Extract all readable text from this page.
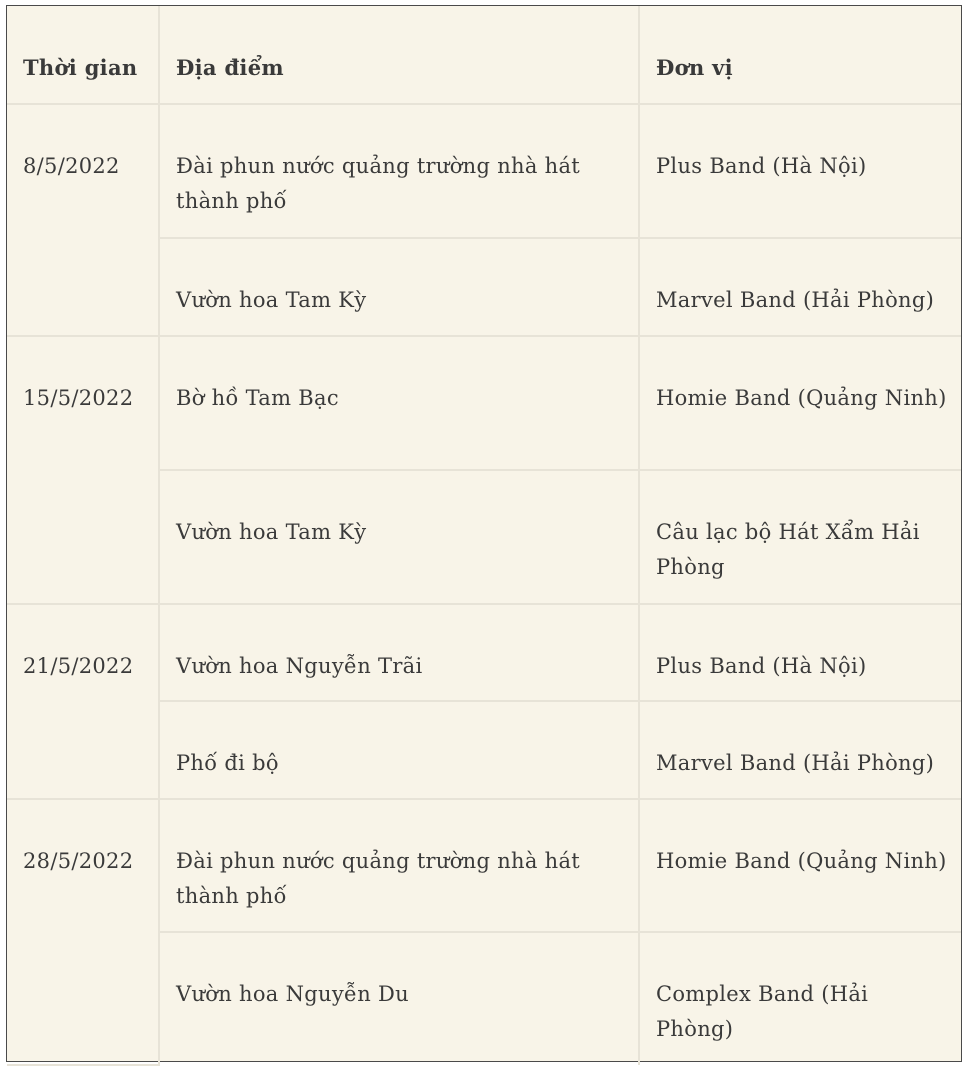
Thời gian	Địa điểm	Đơn vị
8/5/2022	Đài phun nước quảng trường nhà hát thành phố	Plus Band (Hà Nội)
	Vườn hoa Tam Kỳ	Marvel Band (Hải Phòng)
15/5/2022	Bờ hồ Tam Bạc	Homie Band (Quảng Ninh)
	Vườn hoa Tam Kỳ	Câu lạc bộ Hát Xẩm Hải Phòng
21/5/2022	Vườn hoa Nguyễn Trãi	Plus Band (Hà Nội)
	Phố đi bộ	Marvel Band (Hải Phòng)
28/5/2022	Đài phun nước quảng trường nhà hát thành phố	Homie Band (Quảng Ninh)
	Vườn hoa Nguyễn Du	Complex Band (Hải Phòng)
